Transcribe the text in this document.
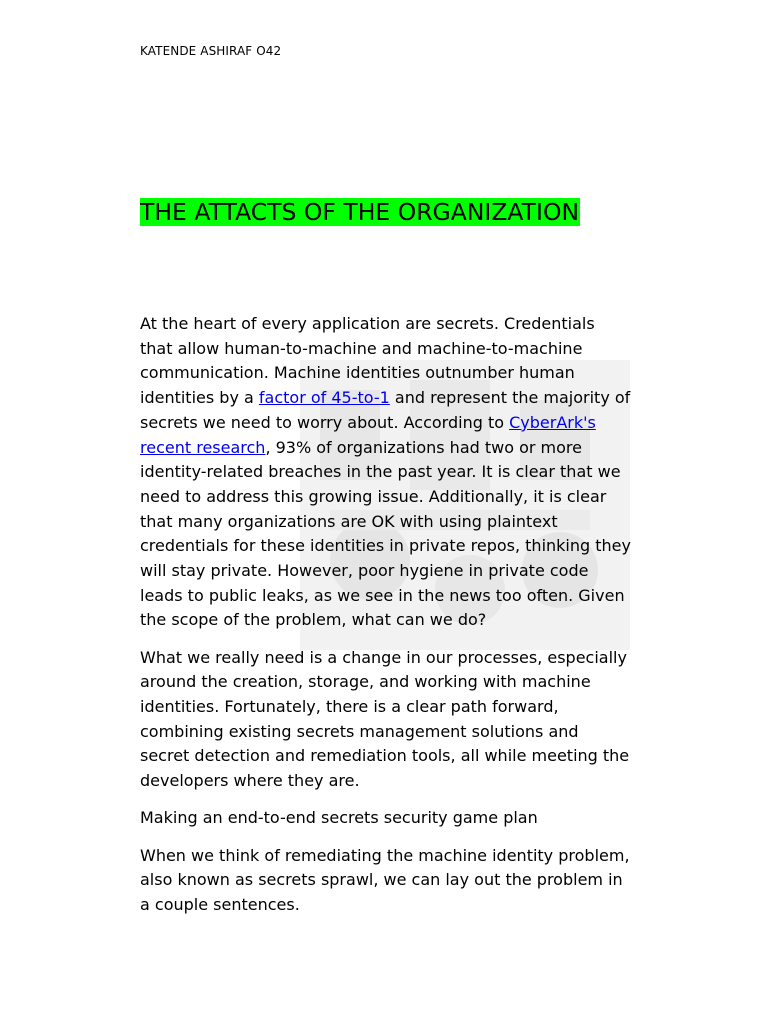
KATENDE ASHIRAF O42
THE ATTACTS OF THE ORGANIZATION

At the heart of every application are secrets. Credentials that allow human-to-machine and machine-to-machine communication. Machine identities outnumber human identities by a factor of 45-to-1 and represent the majority of secrets we need to worry about. According to CyberArk's recent research, 93% of organizations had two or more identity-related breaches in the past year. It is clear that we need to address this growing issue. Additionally, it is clear that many organizations are OK with using plaintext credentials for these identities in private repos, thinking they will stay private. However, poor hygiene in private code leads to public leaks, as we see in the news too often. Given the scope of the problem, what can we do?

What we really need is a change in our processes, especially around the creation, storage, and working with machine identities. Fortunately, there is a clear path forward, combining existing secrets management solutions and secret detection and remediation tools, all while meeting the developers where they are.

Making an end-to-end secrets security game plan

When we think of remediating the machine identity problem, also known as secrets sprawl, we can lay out the problem in a couple sentences.
